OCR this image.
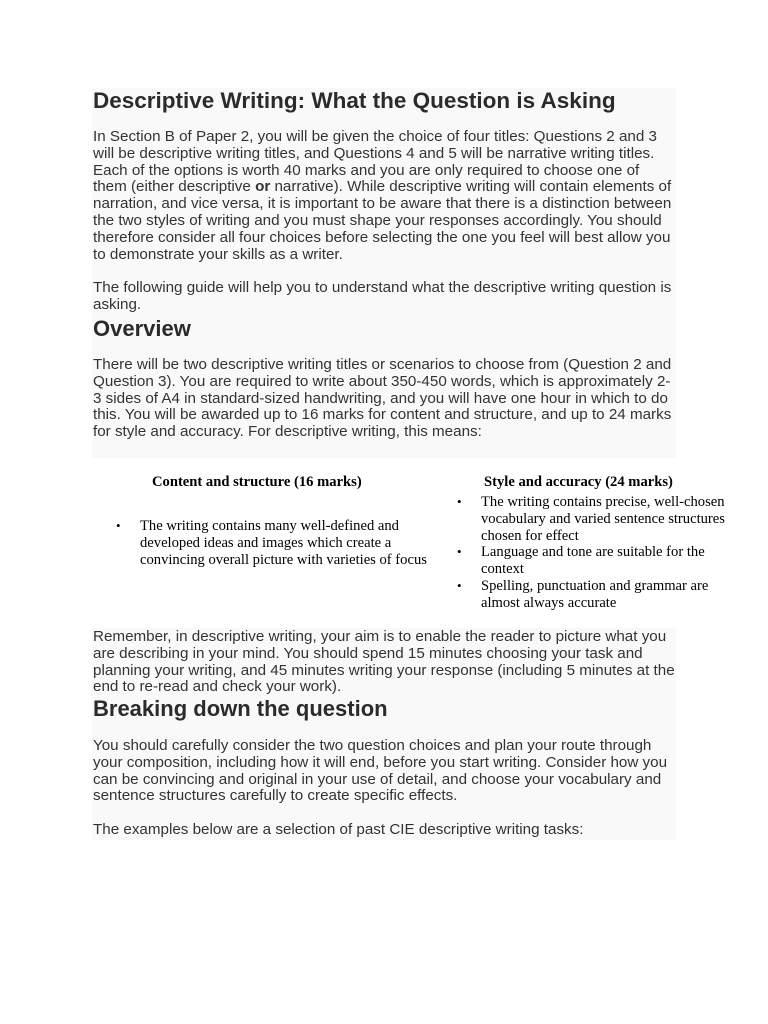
Descriptive Writing: What the Question is Asking

In Section B of Paper 2, you will be given the choice of four titles: Questions 2 and 3 will be descriptive writing titles, and Questions 4 and 5 will be narrative writing titles. Each of the options is worth 40 marks and you are only required to choose one of them (either descriptive or narrative). While descriptive writing will contain elements of narration, and vice versa, it is important to be aware that there is a distinction between the two styles of writing and you must shape your responses accordingly. You should therefore consider all four choices before selecting the one you feel will best allow you to demonstrate your skills as a writer.

The following guide will help you to understand what the descriptive writing question is asking.

Overview

There will be two descriptive writing titles or scenarios to choose from (Question 2 and Question 3). You are required to write about 350-450 words, which is approximately 2-3 sides of A4 in standard-sized handwriting, and you will have one hour in which to do this. You will be awarded up to 16 marks for content and structure, and up to 24 marks for style and accuracy. For descriptive writing, this means:

Content and structure (16 marks)
• The writing contains many well-defined and developed ideas and images which create a convincing overall picture with varieties of focus
Style and accuracy (24 marks)
• The writing contains precise, well-chosen vocabulary and varied sentence structures chosen for effect
• Language and tone are suitable for the context
• Spelling, punctuation and grammar are almost always accurate

Remember, in descriptive writing, your aim is to enable the reader to picture what you are describing in your mind. You should spend 15 minutes choosing your task and planning your writing, and 45 minutes writing your response (including 5 minutes at the end to re-read and check your work).

Breaking down the question

You should carefully consider the two question choices and plan your route through your composition, including how it will end, before you start writing. Consider how you can be convincing and original in your use of detail, and choose your vocabulary and sentence structures carefully to create specific effects.

The examples below are a selection of past CIE descriptive writing tasks:
